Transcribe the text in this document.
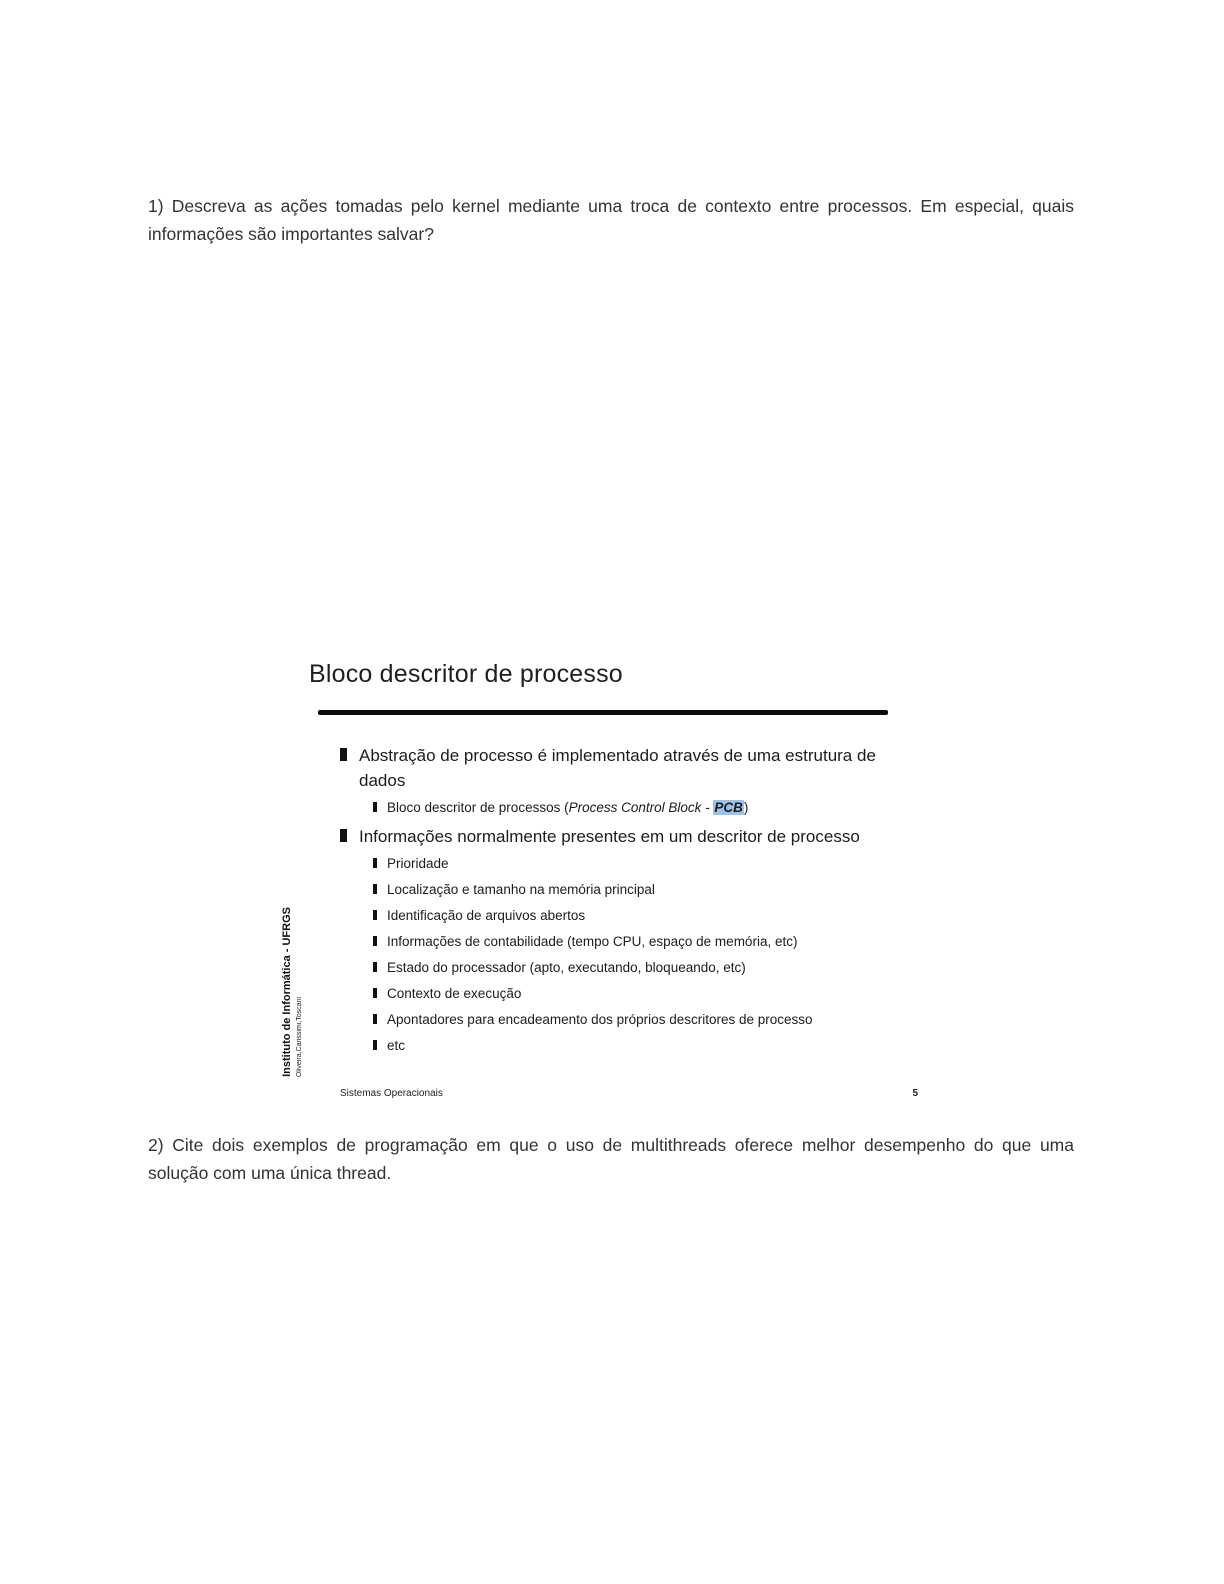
1) Descreva as ações tomadas pelo kernel mediante uma troca de contexto entre processos. Em especial, quais informações são importantes salvar?

Bloco descritor de processo
Abstração de processo é implementado através de uma estrutura de dados
Bloco descritor de processos (Process Control Block - PCB)
Informações normalmente presentes em um descritor de processo
Prioridade
Localização e tamanho na memória principal
Identificação de arquivos abertos
Informações de contabilidade (tempo CPU, espaço de memória, etc)
Estado do processador (apto, executando, bloqueando, etc)
Contexto de execução
Apontadores para encadeamento dos próprios descritores de processo
etc
Instituto de Informática - UFRGS Oliveira,Carissimi,Toscani
Sistemas Operacionais	5

2) Cite dois exemplos de programação em que o uso de multithreads oferece melhor desempenho do que uma solução com uma única thread.
